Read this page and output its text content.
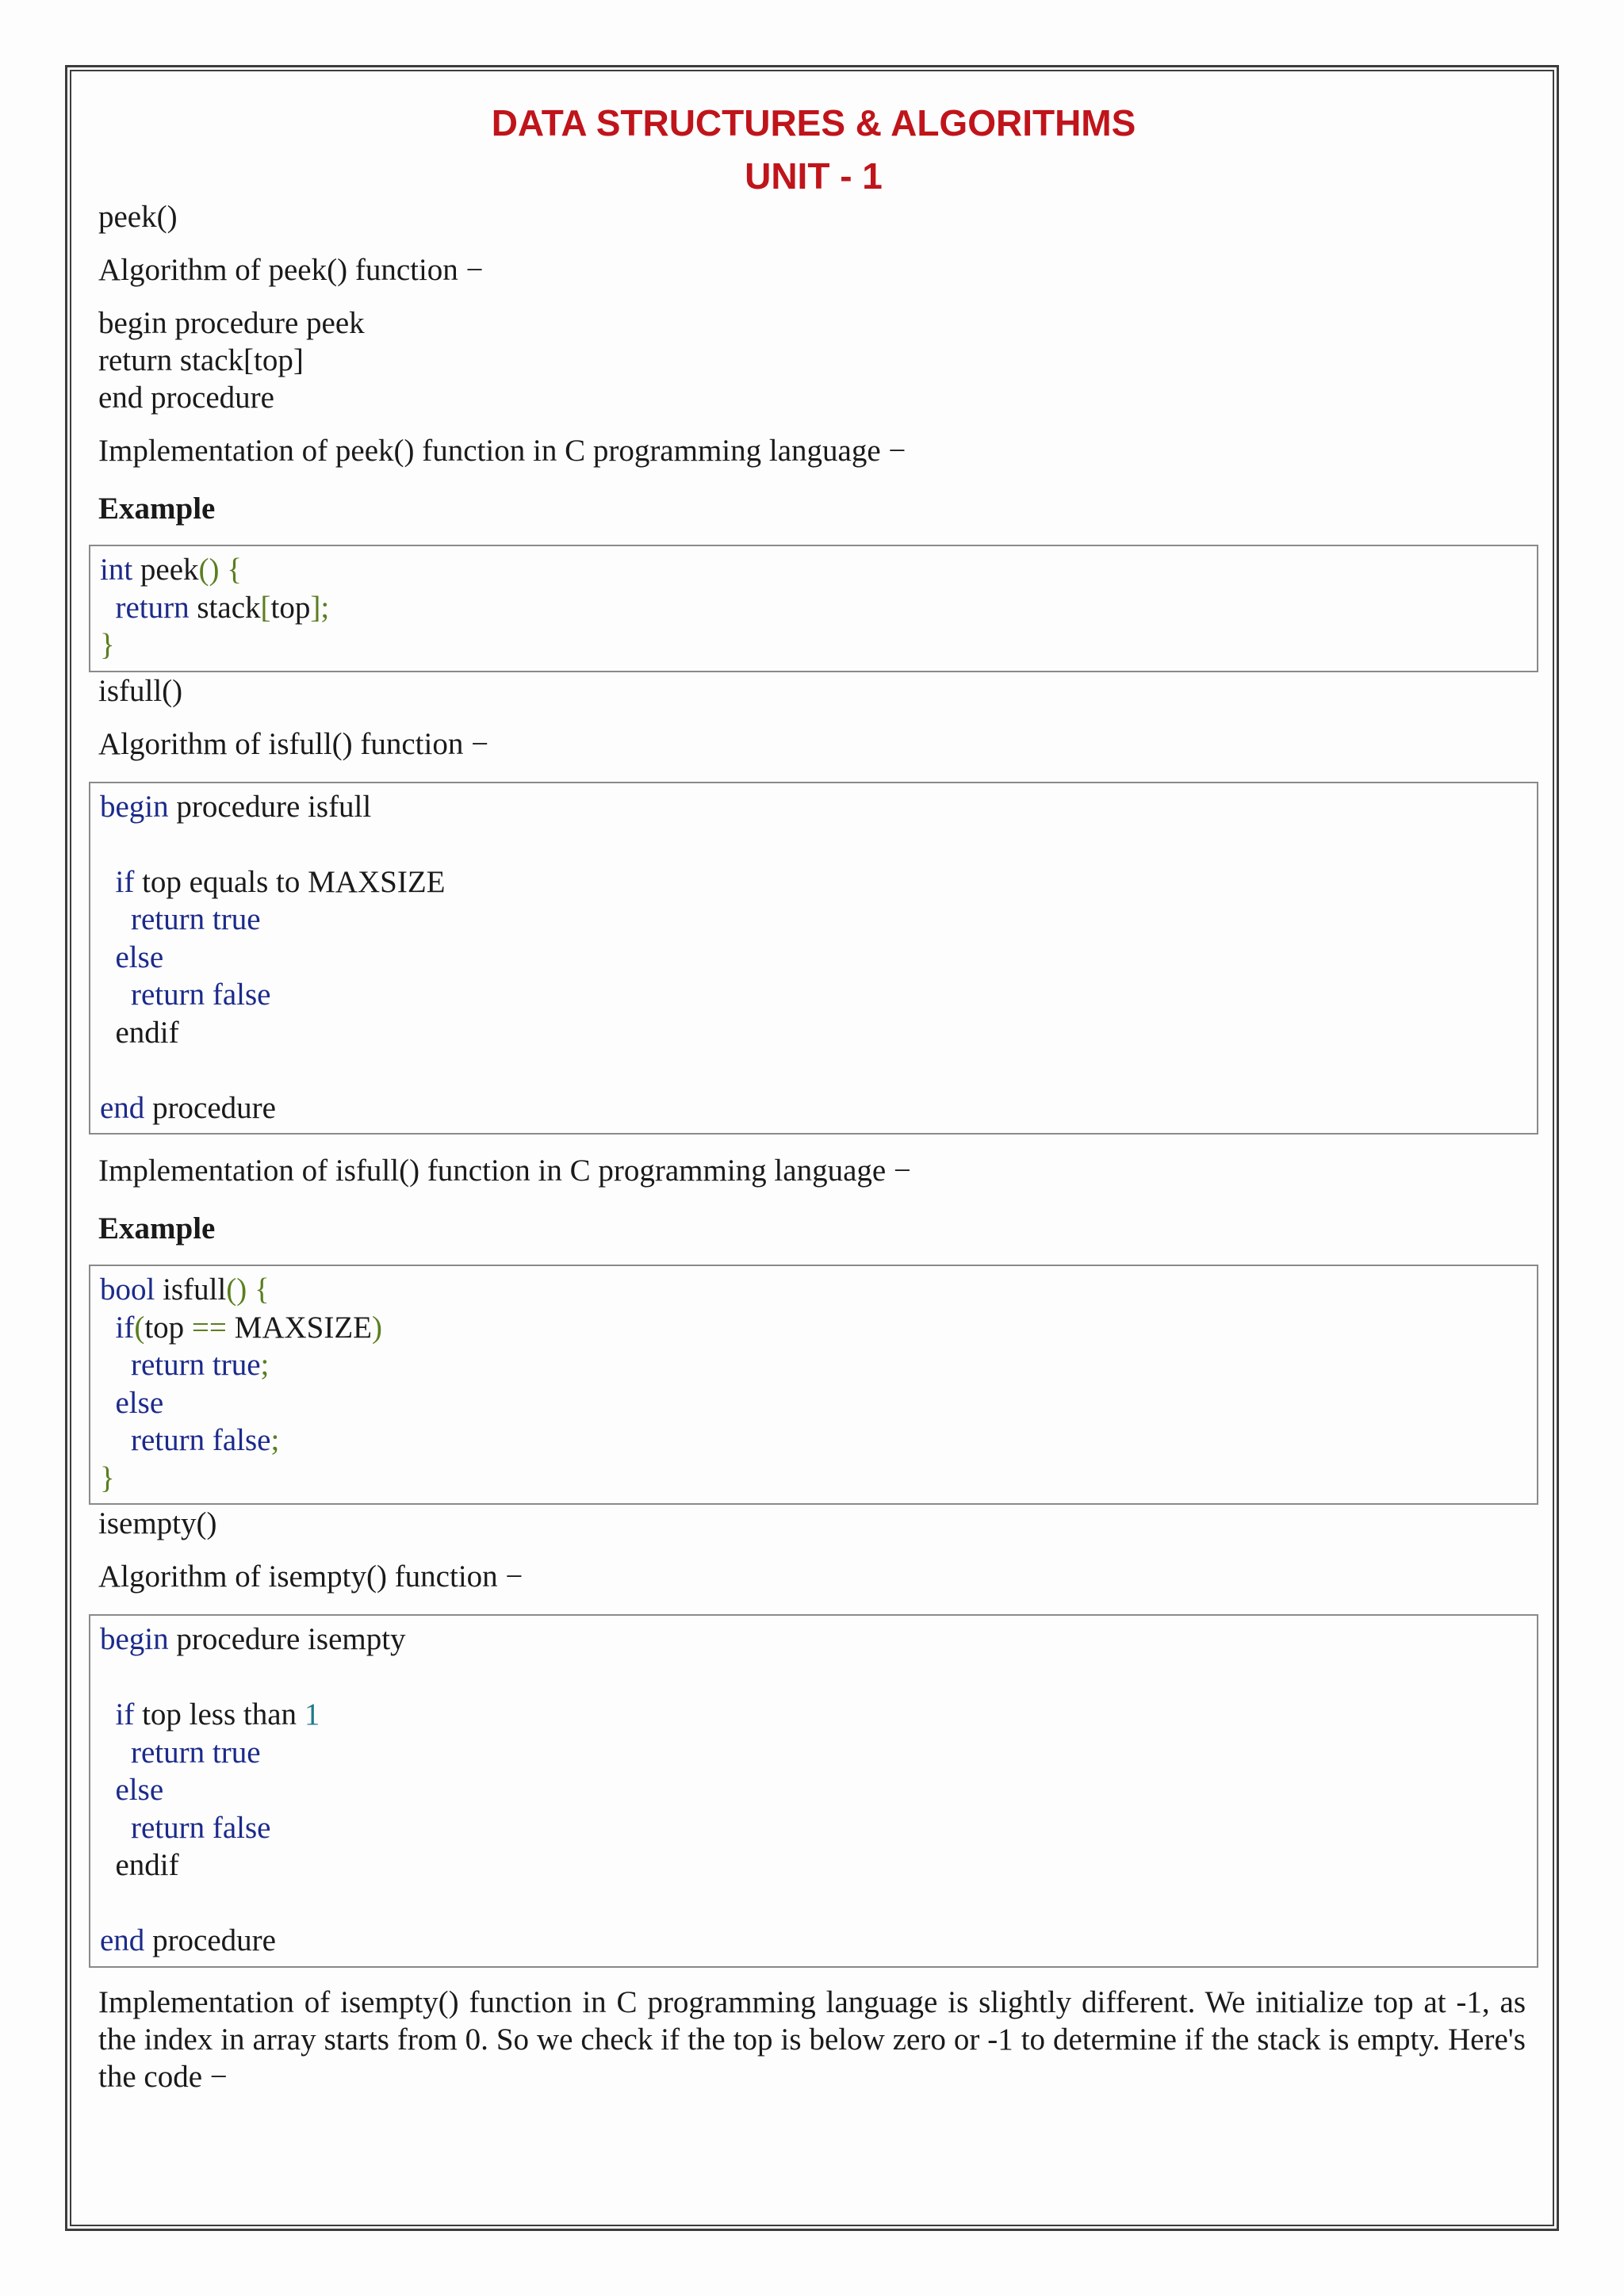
DATA STRUCTURES & ALGORITHMS
UNIT - 1

peek()

Algorithm of peek() function −

begin procedure peek

return stack[top]

end procedure

Implementation of peek() function in C programming language −

Example

int peek() {
return stack[top];
}

isfull()

Algorithm of isfull() function −

begin procedure isfull

if top equals to MAXSIZE
return true
else
return false
endif

end procedure

Implementation of isfull() function in C programming language −

Example

bool isfull() {
if(top == MAXSIZE)
return true;
else
return false;
}

isempty()

Algorithm of isempty() function −

begin procedure isempty

if top less than 1
return true
else
return false
endif

end procedure

Implementation of isempty() function in C programming language is slightly different. We initialize top at -1, as the index in array starts from 0. So we check if the top is below zero or -1 to determine if the stack is empty. Here's the code −
